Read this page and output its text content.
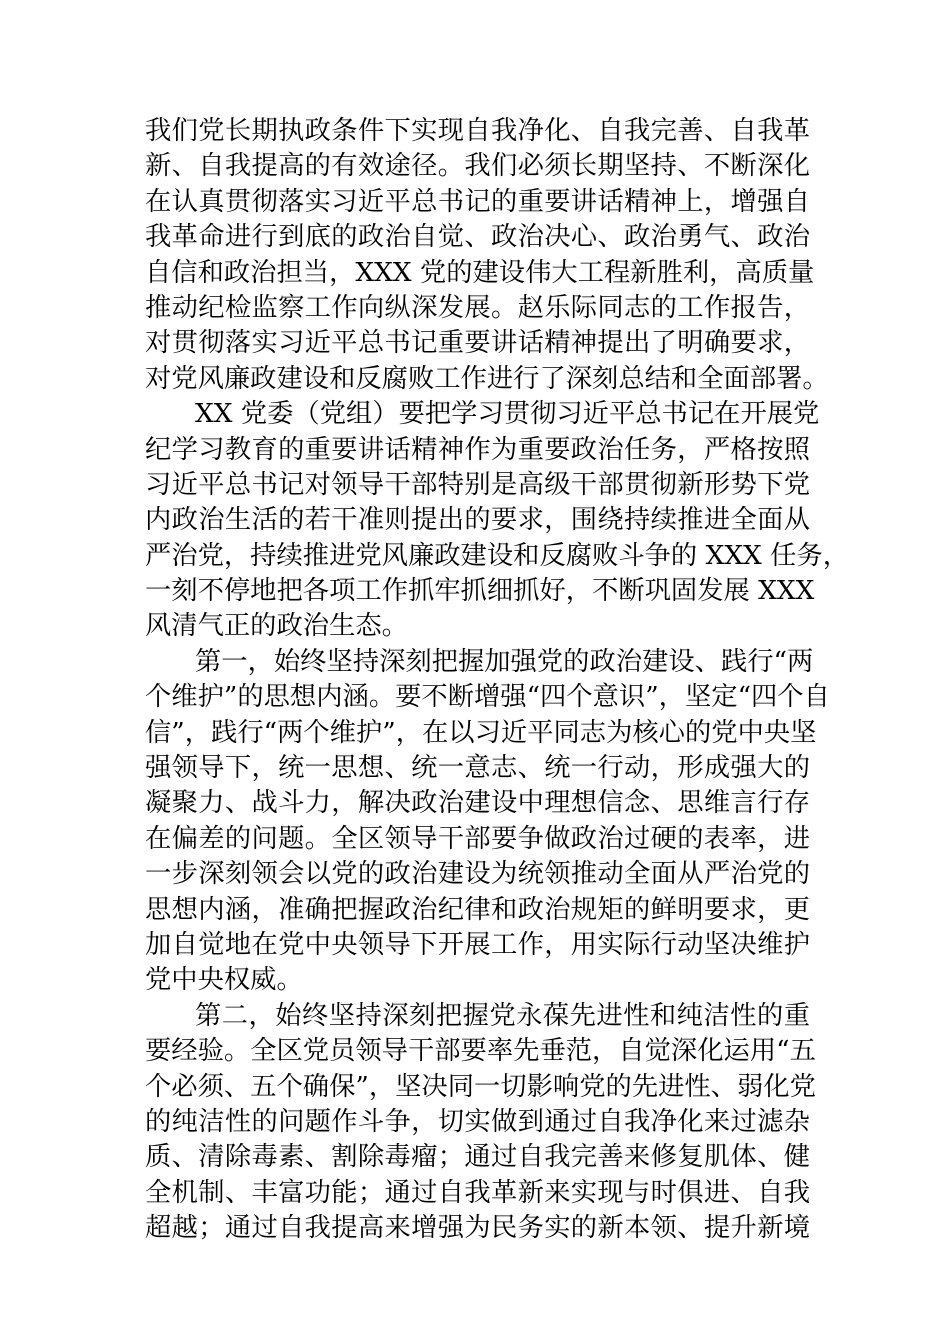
我们党长期执政条件下实现自我净化、自我完善、自我革
新、自我提高的有效途径。我们必须长期坚持、不断深化
在认真贯彻落实习近平总书记的重要讲话精神上，增强自
我革命进行到底的政治自觉、政治决心、政治勇气、政治
自信和政治担当，XXX 党的建设伟大工程新胜利，高质量
推动纪检监察工作向纵深发展。赵乐际同志的工作报告，
对贯彻落实习近平总书记重要讲话精神提出了明确要求，
对党风廉政建设和反腐败工作进行了深刻总结和全面部署。
XX 党委（党组）要把学习贯彻习近平总书记在开展党
纪学习教育的重要讲话精神作为重要政治任务，严格按照
习近平总书记对领导干部特别是高级干部贯彻新形势下党
内政治生活的若干准则提出的要求，围绕持续推进全面从
严治党，持续推进党风廉政建设和反腐败斗争的 XXX 任务，
一刻不停地把各项工作抓牢抓细抓好，不断巩固发展 XXX
风清气正的政治生态。
第一，始终坚持深刻把握加强党的政治建设、践行“两
个维护”的思想内涵。要不断增强“四个意识”，坚定“四个自
信”，践行“两个维护”，在以习近平同志为核心的党中央坚
强领导下，统一思想、统一意志、统一行动，形成强大的
凝聚力、战斗力，解决政治建设中理想信念、思维言行存
在偏差的问题。全区领导干部要争做政治过硬的表率，进
一步深刻领会以党的政治建设为统领推动全面从严治党的
思想内涵，准确把握政治纪律和政治规矩的鲜明要求，更
加自觉地在党中央领导下开展工作，用实际行动坚决维护
党中央权威。
第二，始终坚持深刻把握党永葆先进性和纯洁性的重
要经验。全区党员领导干部要率先垂范，自觉深化运用“五
个必须、五个确保”，坚决同一切影响党的先进性、弱化党
的纯洁性的问题作斗争，切实做到通过自我净化来过滤杂
质、清除毒素、割除毒瘤；通过自我完善来修复肌体、健
全机制、丰富功能；通过自我革新来实现与时俱进、自我
超越；通过自我提高来增强为民务实的新本领、提升新境
